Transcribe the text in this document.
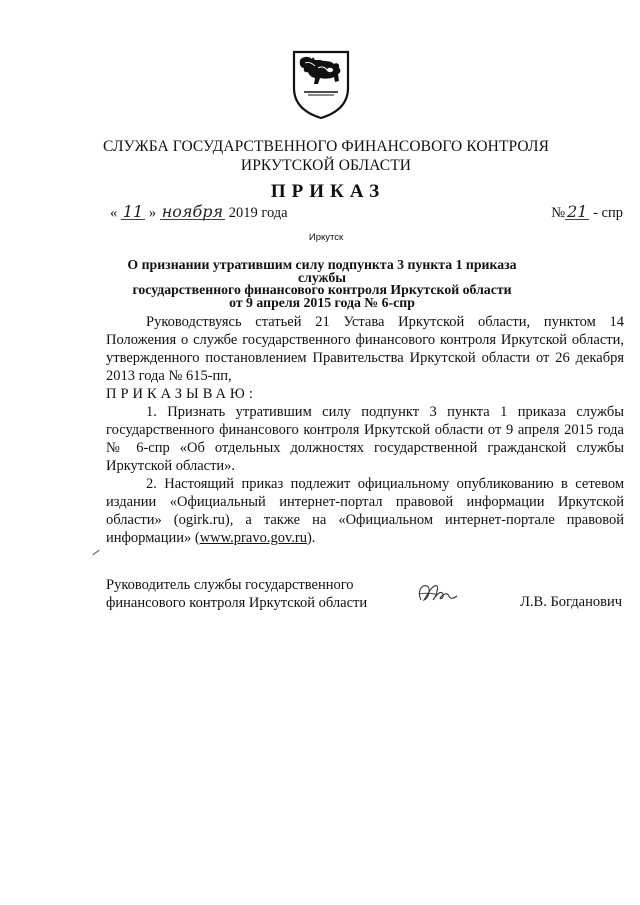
СЛУЖБА ГОСУДАРСТВЕННОГО ФИНАНСОВОГО КОНТРОЛЯ
ИРКУТСКОЙ ОБЛАСТИ
ПРИКАЗ
« 11 » ноября 2019 года	№ 21 - спр
Иркутск
О признании утратившим силу подпункта 3 пункта 1 приказа службы
государственного финансового контроля Иркутской области
от 9 апреля 2015 года № 6-спр

Руководствуясь статьей 21 Устава Иркутской области, пунктом 14 Положения о службе государственного финансового контроля Иркутской области, утвержденного постановлением Правительства Иркутской области от 26 декабря 2013 года № 615-пп,

ПРИКАЗЫВАЮ:

1. Признать утратившим силу подпункт 3 пункта 1 приказа службы государственного финансового контроля Иркутской области от 9 апреля 2015 года № 6-спр «Об отдельных должностях государственной гражданской службы Иркутской области».

2. Настоящий приказ подлежит официальному опубликованию в сетевом издании «Официальный интернет-портал правовой информации Иркутской области» (ogirk.ru), а также на «Официальном интернет-портале правовой информации» (www.pravo.gov.ru).

Руководитель службы государственного
финансового контроля Иркутской области	Л.В. Богданович
